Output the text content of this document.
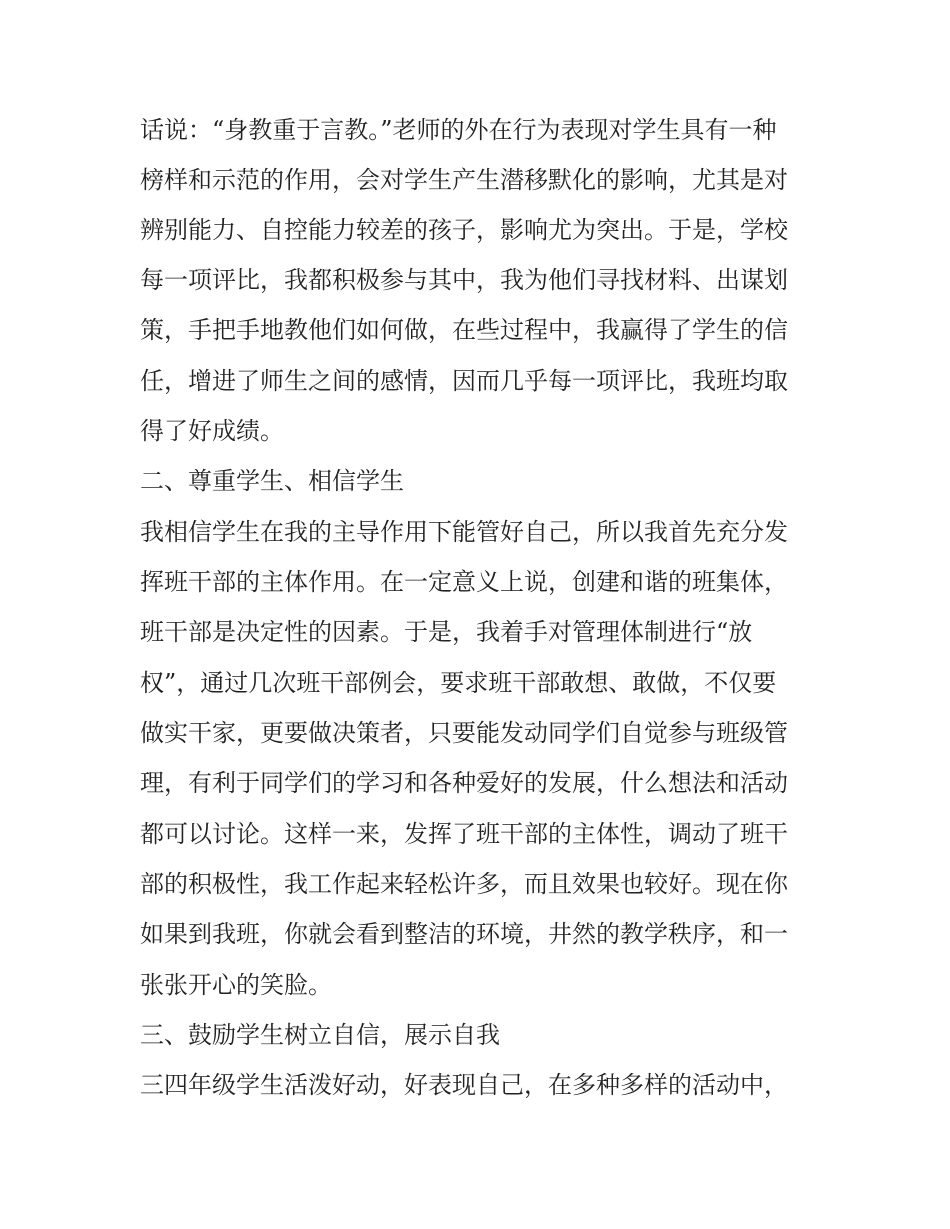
话说：“身教重于言教。”老师的外在行为表现对学生具有一种

榜样和示范的作用，会对学生产生潜移默化的影响，尤其是对

辨别能力、自控能力较差的孩子，影响尤为突出。于是，学校

每一项评比，我都积极参与其中，我为他们寻找材料、出谋划

策，手把手地教他们如何做，在些过程中，我赢得了学生的信

任，增进了师生之间的感情，因而几乎每一项评比，我班均取

得了好成绩。

二、尊重学生、相信学生

我相信学生在我的主导作用下能管好自己，所以我首先充分发

挥班干部的主体作用。在一定意义上说，创建和谐的班集体，

班干部是决定性的因素。于是，我着手对管理体制进行“放

权”，通过几次班干部例会，要求班干部敢想、敢做，不仅要

做实干家，更要做决策者，只要能发动同学们自觉参与班级管

理，有利于同学们的学习和各种爱好的发展，什么想法和活动

都可以讨论。这样一来，发挥了班干部的主体性，调动了班干

部的积极性，我工作起来轻松许多，而且效果也较好。现在你

如果到我班，你就会看到整洁的环境，井然的教学秩序，和一

张张开心的笑脸。

三、鼓励学生树立自信，展示自我

三四年级学生活泼好动，好表现自己，在多种多样的活动中，
